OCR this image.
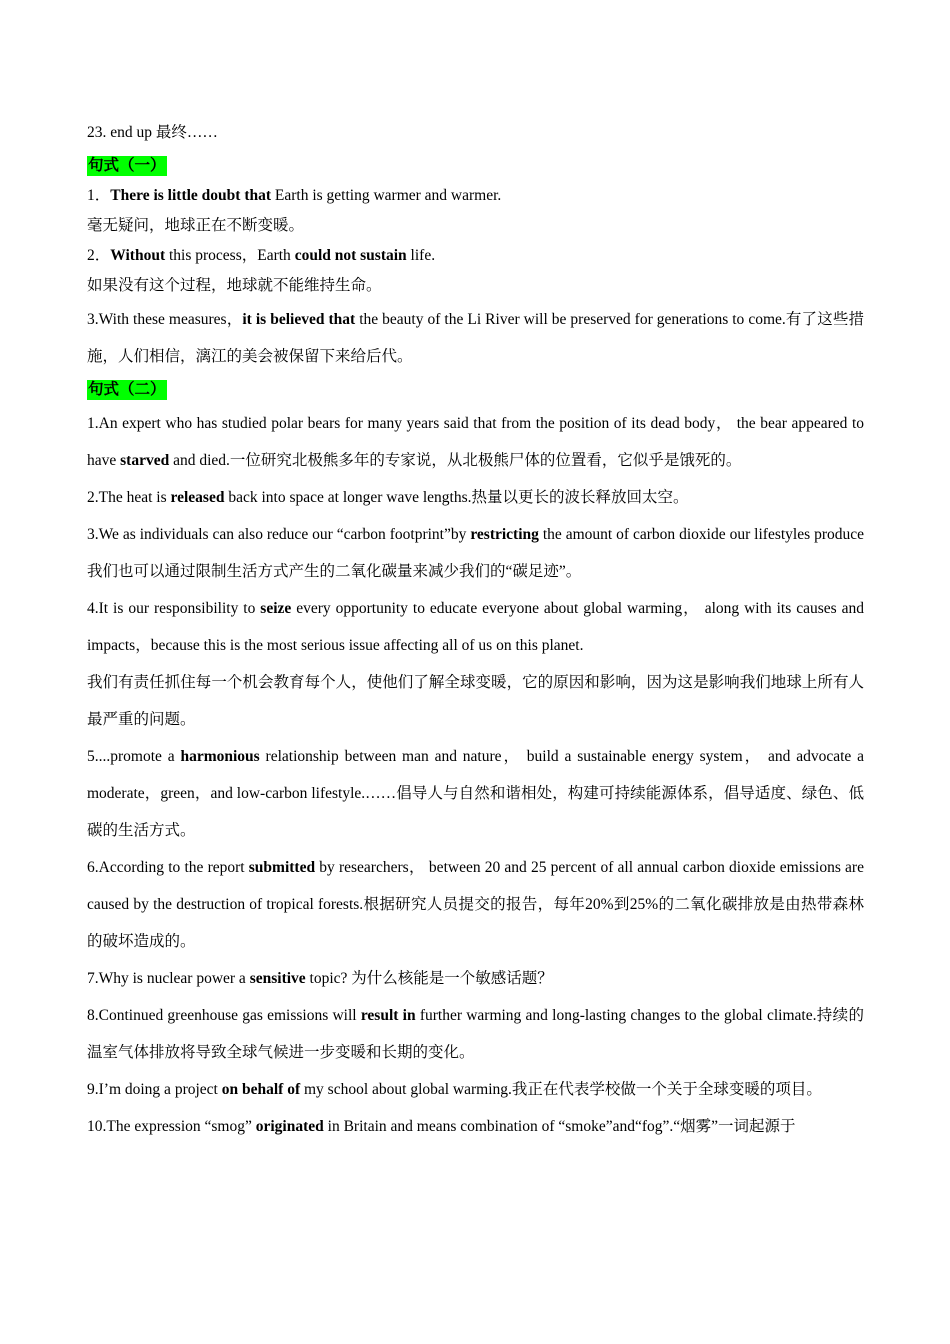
23. end up 最终……

句式（一）

1．There is little doubt that Earth is getting warmer and warmer.

毫无疑问，地球正在不断变暖。

2．Without this process，Earth could not sustain life.

如果没有这个过程，地球就不能维持生命。

3.With these measures，it is believed that the beauty of the Li River will be preserved for generations to come.有了这些措施，人们相信，漓江的美会被保留下来给后代。

句式（二）

1.An expert who has studied polar bears for many years said that from the position of its dead body， the bear appeared to have starved and died.一位研究北极熊多年的专家说，从北极熊尸体的位置看，它似乎是饿死的。

2.The heat is released back into space at longer wave lengths.热量以更长的波长释放回太空。

3.We as individuals can also reduce our “carbon footprint”by restricting the amount of carbon dioxide our lifestyles produce 我们也可以通过限制生活方式产生的二氧化碳量来减少我们的“碳足迹”。

4.It is our responsibility to seize every opportunity to educate everyone about global warming， along with its causes and impacts，because this is the most serious issue affecting all of us on this planet.

我们有责任抓住每一个机会教育每个人，使他们了解全球变暖，它的原因和影响，因为这是影响我们地球上所有人最严重的问题。

5....promote a harmonious relationship between man and nature， build a sustainable energy system， and advocate a moderate，green，and low-carbon lifestyle.……倡导人与自然和谐相处，构建可持续能源体系，倡导适度、绿色、低碳的生活方式。

6.According to the report submitted by researchers， between 20 and 25 percent of all annual carbon dioxide emissions are caused by the destruction of tropical forests.根据研究人员提交的报告，每年20%到25%的二氧化碳排放是由热带森林的破坏造成的。

7.Why is nuclear power a sensitive topic? 为什么核能是一个敏感话题？

8.Continued greenhouse gas emissions will result in further warming and long-lasting changes to the global climate.持续的温室气体排放将导致全球气候进一步变暖和长期的变化。

9.I’m doing a project on behalf of my school about global warming.我正在代表学校做一个关于全球变暖的项目。

10.The expression “smog” originated in Britain and means combination of “smoke”and“fog”.“烟雾”一词起源于
